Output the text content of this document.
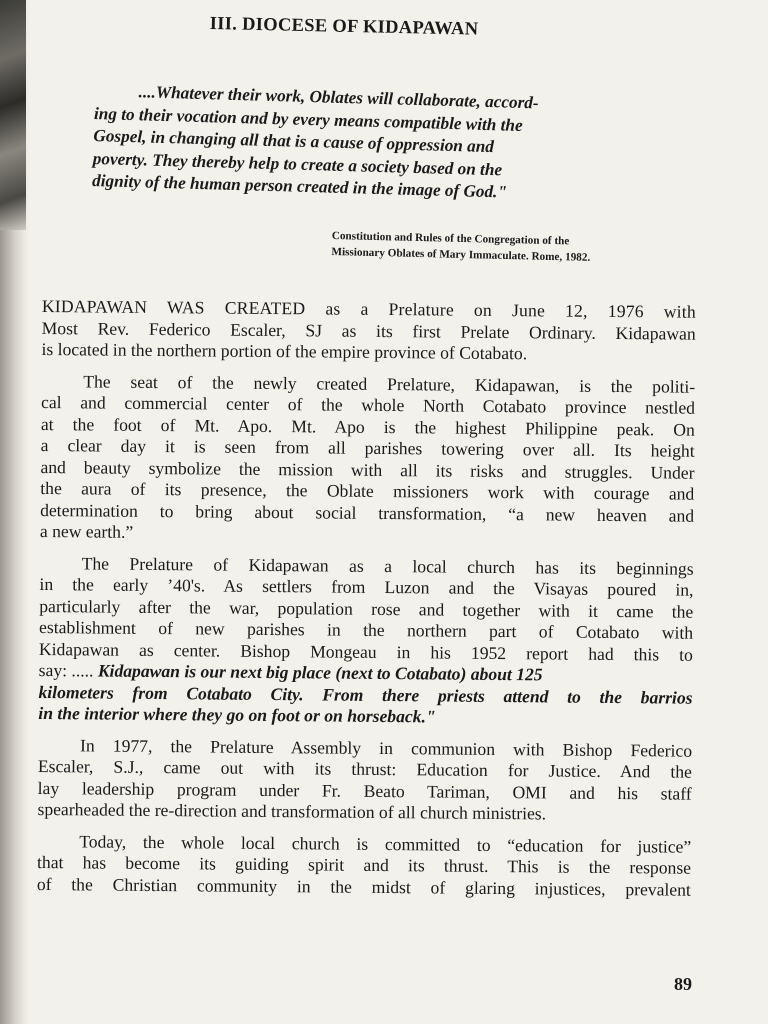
III. DIOCESE OF KIDAPAWAN
....Whatever their work, Oblates will collaborate, accord-
ing to their vocation and by every means compatible with the
Gospel, in changing all that is a cause of oppression and
poverty. They thereby help to create a society based on the
dignity of the human person created in the image of God."
Constitution and Rules of the Congregation of the
Missionary Oblates of Mary Immaculate. Rome, 1982.

KIDAPAWAN WAS CREATED as a Prelature on June 12, 1976 with
Most Rev. Federico Escaler, SJ as its first Prelate Ordinary. Kidapawan
is located in the northern portion of the empire province of Cotabato.

The seat of the newly created Prelature, Kidapawan, is the politi-
cal and commercial center of the whole North Cotabato province nestled
at the foot of Mt. Apo. Mt. Apo is the highest Philippine peak. On
a clear day it is seen from all parishes towering over all. Its height
and beauty symbolize the mission with all its risks and struggles. Under
the aura of its presence, the Oblate missioners work with courage and
determination to bring about social transformation, “a new heaven and
a new earth.”

The Prelature of Kidapawan as a local church has its beginnings
in the early ’40's. As settlers from Luzon and the Visayas poured in,
particularly after the war, population rose and together with it came the
establishment of new parishes in the northern part of Cotabato with
Kidapawan as center. Bishop Mongeau in his 1952 report had this to
say: ..... Kidapawan is our next big place (next to Cotabato) about 125
kilometers from Cotabato City. From there priests attend to the barrios
in the interior where they go on foot or on horseback."

In 1977, the Prelature Assembly in communion with Bishop Federico
Escaler, S.J., came out with its thrust: Education for Justice. And the
lay leadership program under Fr. Beato Tariman, OMI and his staff
spearheaded the re-direction and transformation of all church ministries.

Today, the whole local church is committed to “education for justice”
that has become its guiding spirit and its thrust. This is the response
of the Christian community in the midst of glaring injustices, prevalent

89
